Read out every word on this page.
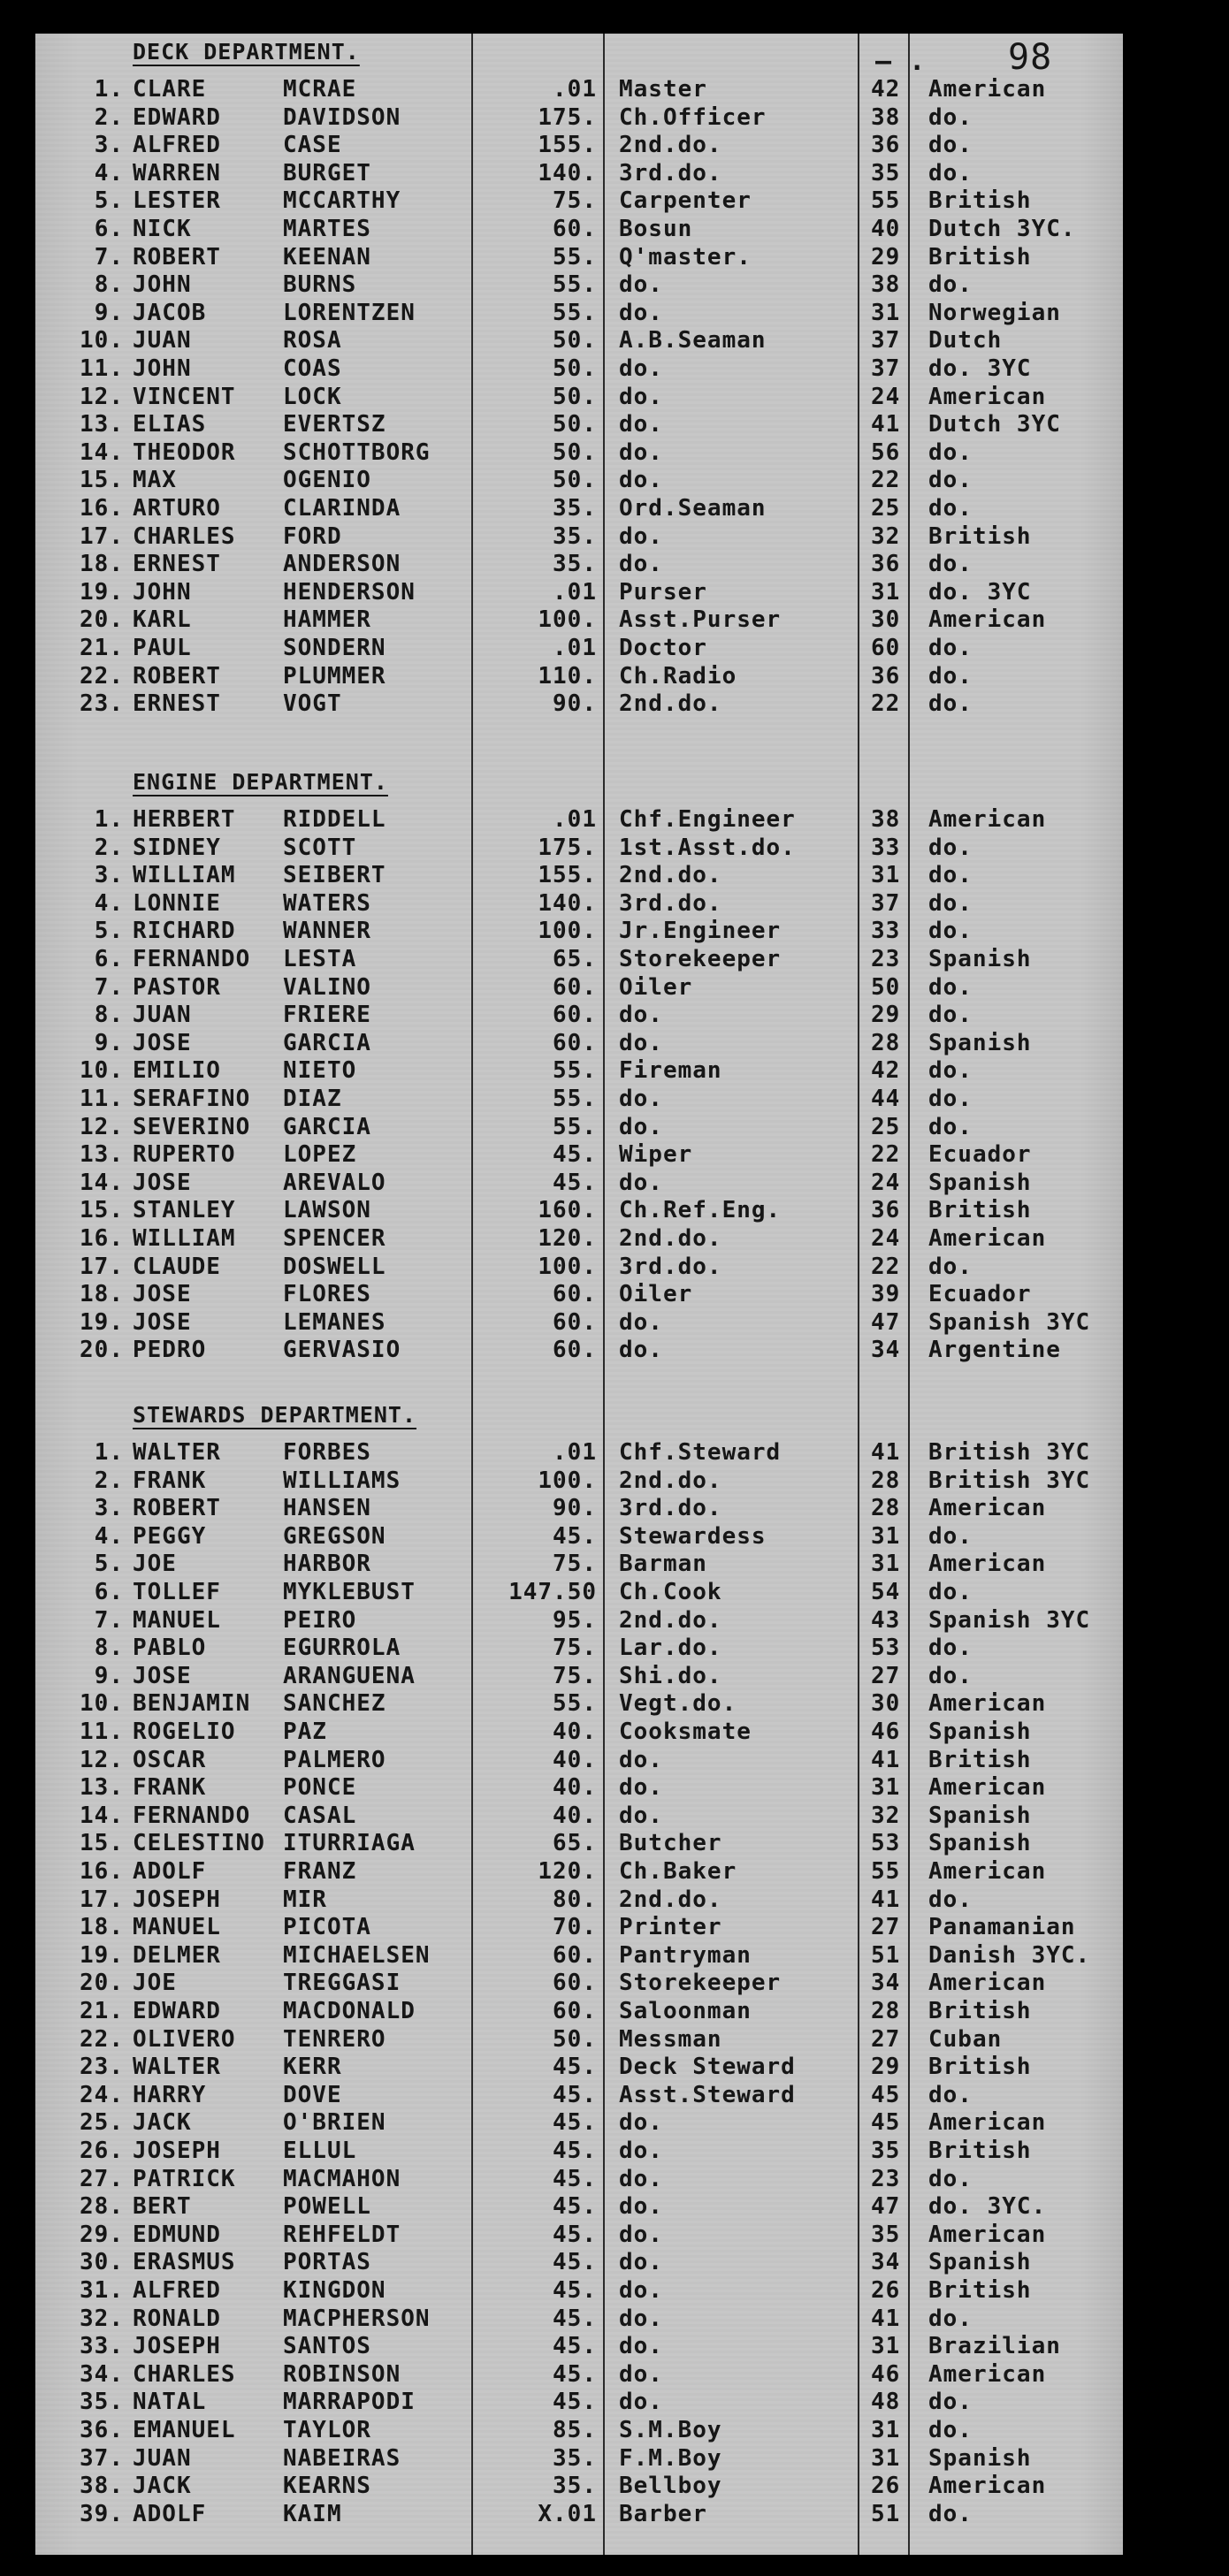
– . 98
DECK DEPARTMENT.
1. CLARE	MCRAE	.01 Master	42 American
2. EDWARD	DAVIDSON	175. Ch.Officer	38 do.
3. ALFRED	CASE	155. 2nd.do.	36 do.
4. WARREN	BURGET	140. 3rd.do.	35 do.
5. LESTER	MCCARTHY	75. Carpenter	55 British
6. NICK	MARTES	60. Bosun	40 Dutch 3YC.
7. ROBERT	KEENAN	55. Q'master.	29 British
8. JOHN	BURNS	55. do.	38 do.
9. JACOB	LORENTZEN	55. do.	31 Norwegian
10. JUAN	ROSA	50. A.B.Seaman	37 Dutch
11. JOHN	COAS	50. do.	37 do. 3YC
12. VINCENT LOCK	50. do.	24 American
13. ELIAS	EVERTSZ	50. do.	41 Dutch 3YC
14. THEODOR SCHOTTBORG	50. do.	56 do.
15. MAX	OGENIO	50. do.	22 do.
16. ARTURO	CLARINDA	35. Ord.Seaman	25 do.
17. CHARLES FORD	35. do.	32 British
18. ERNEST	ANDERSON	35. do.	36 do.
19. JOHN	HENDERSON	.01 Purser	31 do. 3YC
20. KARL	HAMMER	100. Asst.Purser	30 American
21. PAUL	SONDERN	.01 Doctor	60 do.
22. ROBERT	PLUMMER	110. Ch.Radio	36 do.
23. ERNEST	VOGT	90. 2nd.do.	22 do.
ENGINE DEPARTMENT.
1. HERBERT RIDDELL	.01 Chf.Engineer	38 American
2. SIDNEY	SCOTT	175. 1st.Asst.do.	33 do.
3. WILLIAM SEIBERT	155. 2nd.do.	31 do.
4. LONNIE	WATERS	140. 3rd.do.	37 do.
5. RICHARD WANNER	100. Jr.Engineer	33 do.
6. FERNANDO LESTA	65. Storekeeper	23 Spanish
7. PASTOR	VALINO	60. Oiler	50 do.
8. JUAN	FRIERE	60. do.	29 do.
9. JOSE	GARCIA	60. do.	28 Spanish
10. EMILIO	NIETO	55. Fireman	42 do.
11. SERAFINO DIAZ	55. do.	44 do.
12. SEVERINO GARCIA	55. do.	25 do.
13. RUPERTO LOPEZ	45. Wiper	22 Ecuador
14. JOSE	AREVALO	45. do.	24 Spanish
15. STANLEY LAWSON	160. Ch.Ref.Eng.	36 British
16. WILLIAM SPENCER	120. 2nd.do.	24 American
17. CLAUDE	DOSWELL	100. 3rd.do.	22 do.
18. JOSE	FLORES	60. Oiler	39 Ecuador
19. JOSE	LEMANES	60. do.	47 Spanish 3YC
20. PEDRO	GERVASIO	60. do.	34 Argentine
STEWARDS DEPARTMENT.
1. WALTER	FORBES	.01 Chf.Steward	41 British 3YC
2. FRANK	WILLIAMS	100. 2nd.do.	28 British 3YC
3. ROBERT	HANSEN	90. 3rd.do.	28 American
4. PEGGY	GREGSON	45. Stewardess	31 do.
5. JOE	HARBOR	75. Barman	31 American
6. TOLLEF	MYKLEBUST	147.50 Ch.Cook	54 do.
7. MANUEL	PEIRO	95. 2nd.do.	43 Spanish 3YC
8. PABLO	EGURROLA	75. Lar.do.	53 do.
9. JOSE	ARANGUENA	75. Shi.do.	27 do.
10. BENJAMIN SANCHEZ	55. Vegt.do.	30 American
11. ROGELIO PAZ	40. Cooksmate	46 Spanish
12. OSCAR	PALMERO	40. do.	41 British
13. FRANK	PONCE	40. do.	31 American
14. FERNANDO CASAL	40. do.	32 Spanish
15. CELESTINO ITURRIAGA	65. Butcher	53 Spanish
16. ADOLF	FRANZ	120. Ch.Baker	55 American
17. JOSEPH	MIR	80. 2nd.do.	41 do.
18. MANUEL	PICOTA	70. Printer	27 Panamanian
19. DELMER	MICHAELSEN	60. Pantryman	51 Danish 3YC.
20. JOE	TREGGASI	60. Storekeeper	34 American
21. EDWARD	MACDONALD	60. Saloonman	28 British
22. OLIVERO TENRERO	50. Messman	27 Cuban
23. WALTER	KERR	45. Deck Steward	29 British
24. HARRY	DOVE	45. Asst.Steward	45 do.
25. JACK	O'BRIEN	45. do.	45 American
26. JOSEPH	ELLUL	45. do.	35 British
27. PATRICK MACMAHON	45. do.	23 do.
28. BERT	POWELL	45. do.	47 do. 3YC.
29. EDMUND	REHFELDT	45. do.	35 American
30. ERASMUS PORTAS	45. do.	34 Spanish
31. ALFRED	KINGDON	45. do.	26 British
32. RONALD	MACPHERSON	45. do.	41 do.
33. JOSEPH	SANTOS	45. do.	31 Brazilian
34. CHARLES ROBINSON	45. do.	46 American
35. NATAL	MARRAPODI	45. do.	48 do.
36. EMANUEL TAYLOR	85. S.M.Boy	31 do.
37. JUAN	NABEIRAS	35. F.M.Boy	31 Spanish
38. JACK	KEARNS	35. Bellboy	26 American
39. ADOLF	KAIM	X.01 Barber	51 do.
